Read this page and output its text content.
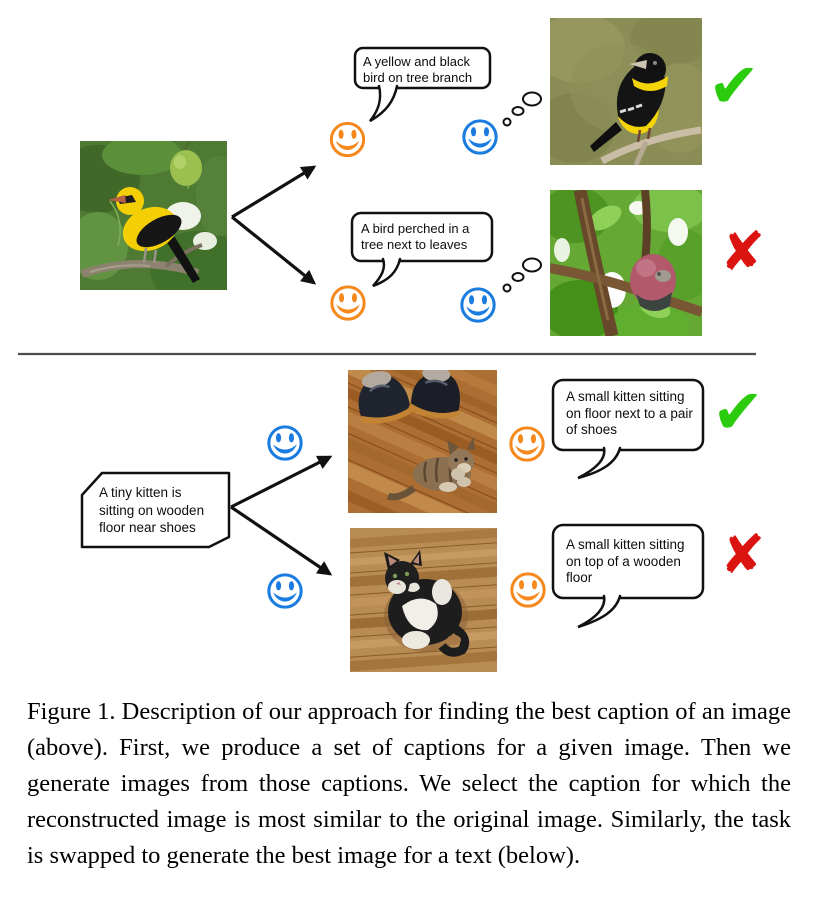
A yellow and black bird on tree branch
A bird perched in a tree next to leaves
A tiny kitten is sitting on wooden floor near shoes
A small kitten sitting on floor next to a pair of shoes
A small kitten sitting on top of a wooden floor
✔
✘
✔
✘
Figure 1. Description of our approach for finding the best caption of an image (above). First, we produce a set of captions for a given image. Then we generate images from those captions. We select the caption for which the reconstructed image is most similar to the original image. Similarly, the task is swapped to generate the best image for a text (below).
